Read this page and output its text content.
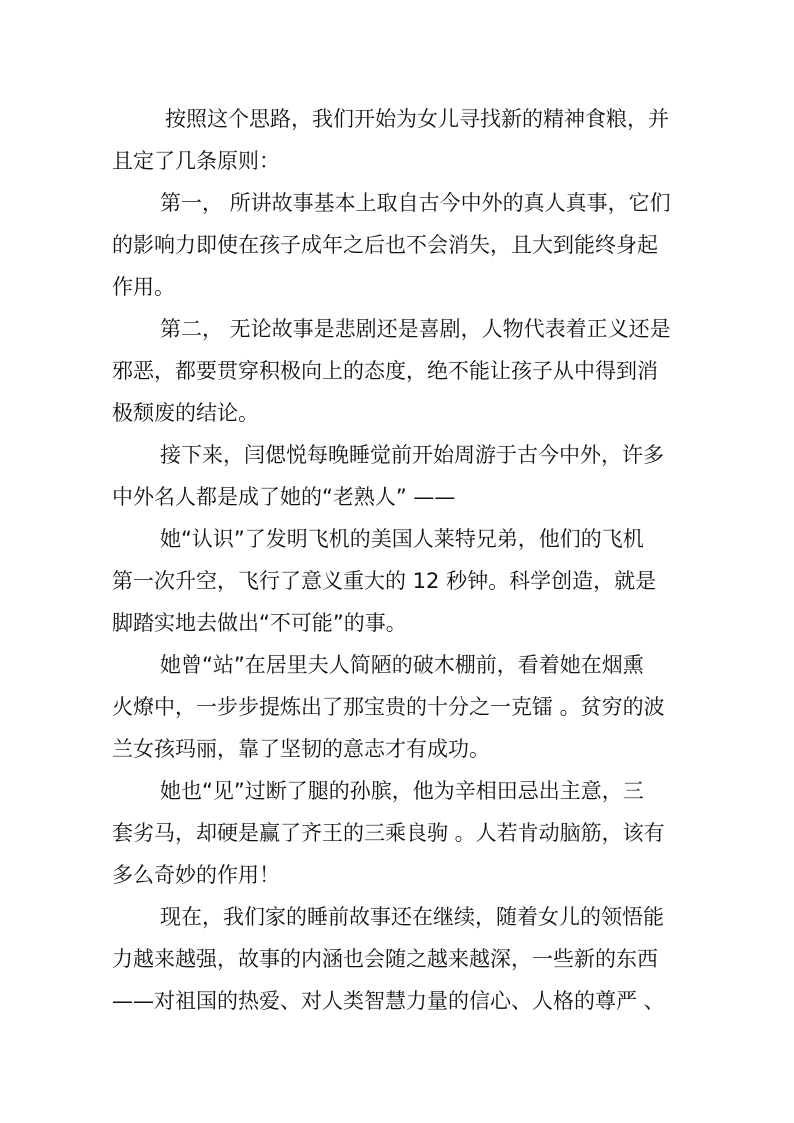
按照这个思路，我们开始为女儿寻找新的精神食粮，并
且定了几条原则：
第一， 所讲故事基本上取自古今中外的真人真事，它们
的影响力即使在孩子成年之后也不会消失，且大到能终身起
作用。
第二， 无论故事是悲剧还是喜剧，人物代表着正义还是
邪恶，都要贯穿积极向上的态度，绝不能让孩子从中得到消
极颓废的结论。
接下来，闫偲悦每晚睡觉前开始周游于古今中外，许多
中外名人都是成了她的“老熟人” ——
她“认识”了发明飞机的美国人莱特兄弟，他们的飞机
第一次升空，飞行了意义重大的 12 秒钟。科学创造，就是
脚踏实地去做出“不可能”的事。
她曾“站”在居里夫人简陋的破木棚前，看着她在烟熏
火燎中，一步步提炼出了那宝贵的十分之一克镭 。贫穷的波
兰女孩玛丽，靠了坚韧的意志才有成功。
她也“见”过断了腿的孙膑，他为辛相田忌出主意，三
套劣马，却硬是赢了齐王的三乘良驹 。人若肯动脑筋，该有
多么奇妙的作用！
现在，我们家的睡前故事还在继续，随着女儿的领悟能
力越来越强，故事的内涵也会随之越来越深，一些新的东西
——对祖国的热爱、对人类智慧力量的信心、人格的尊严 、
